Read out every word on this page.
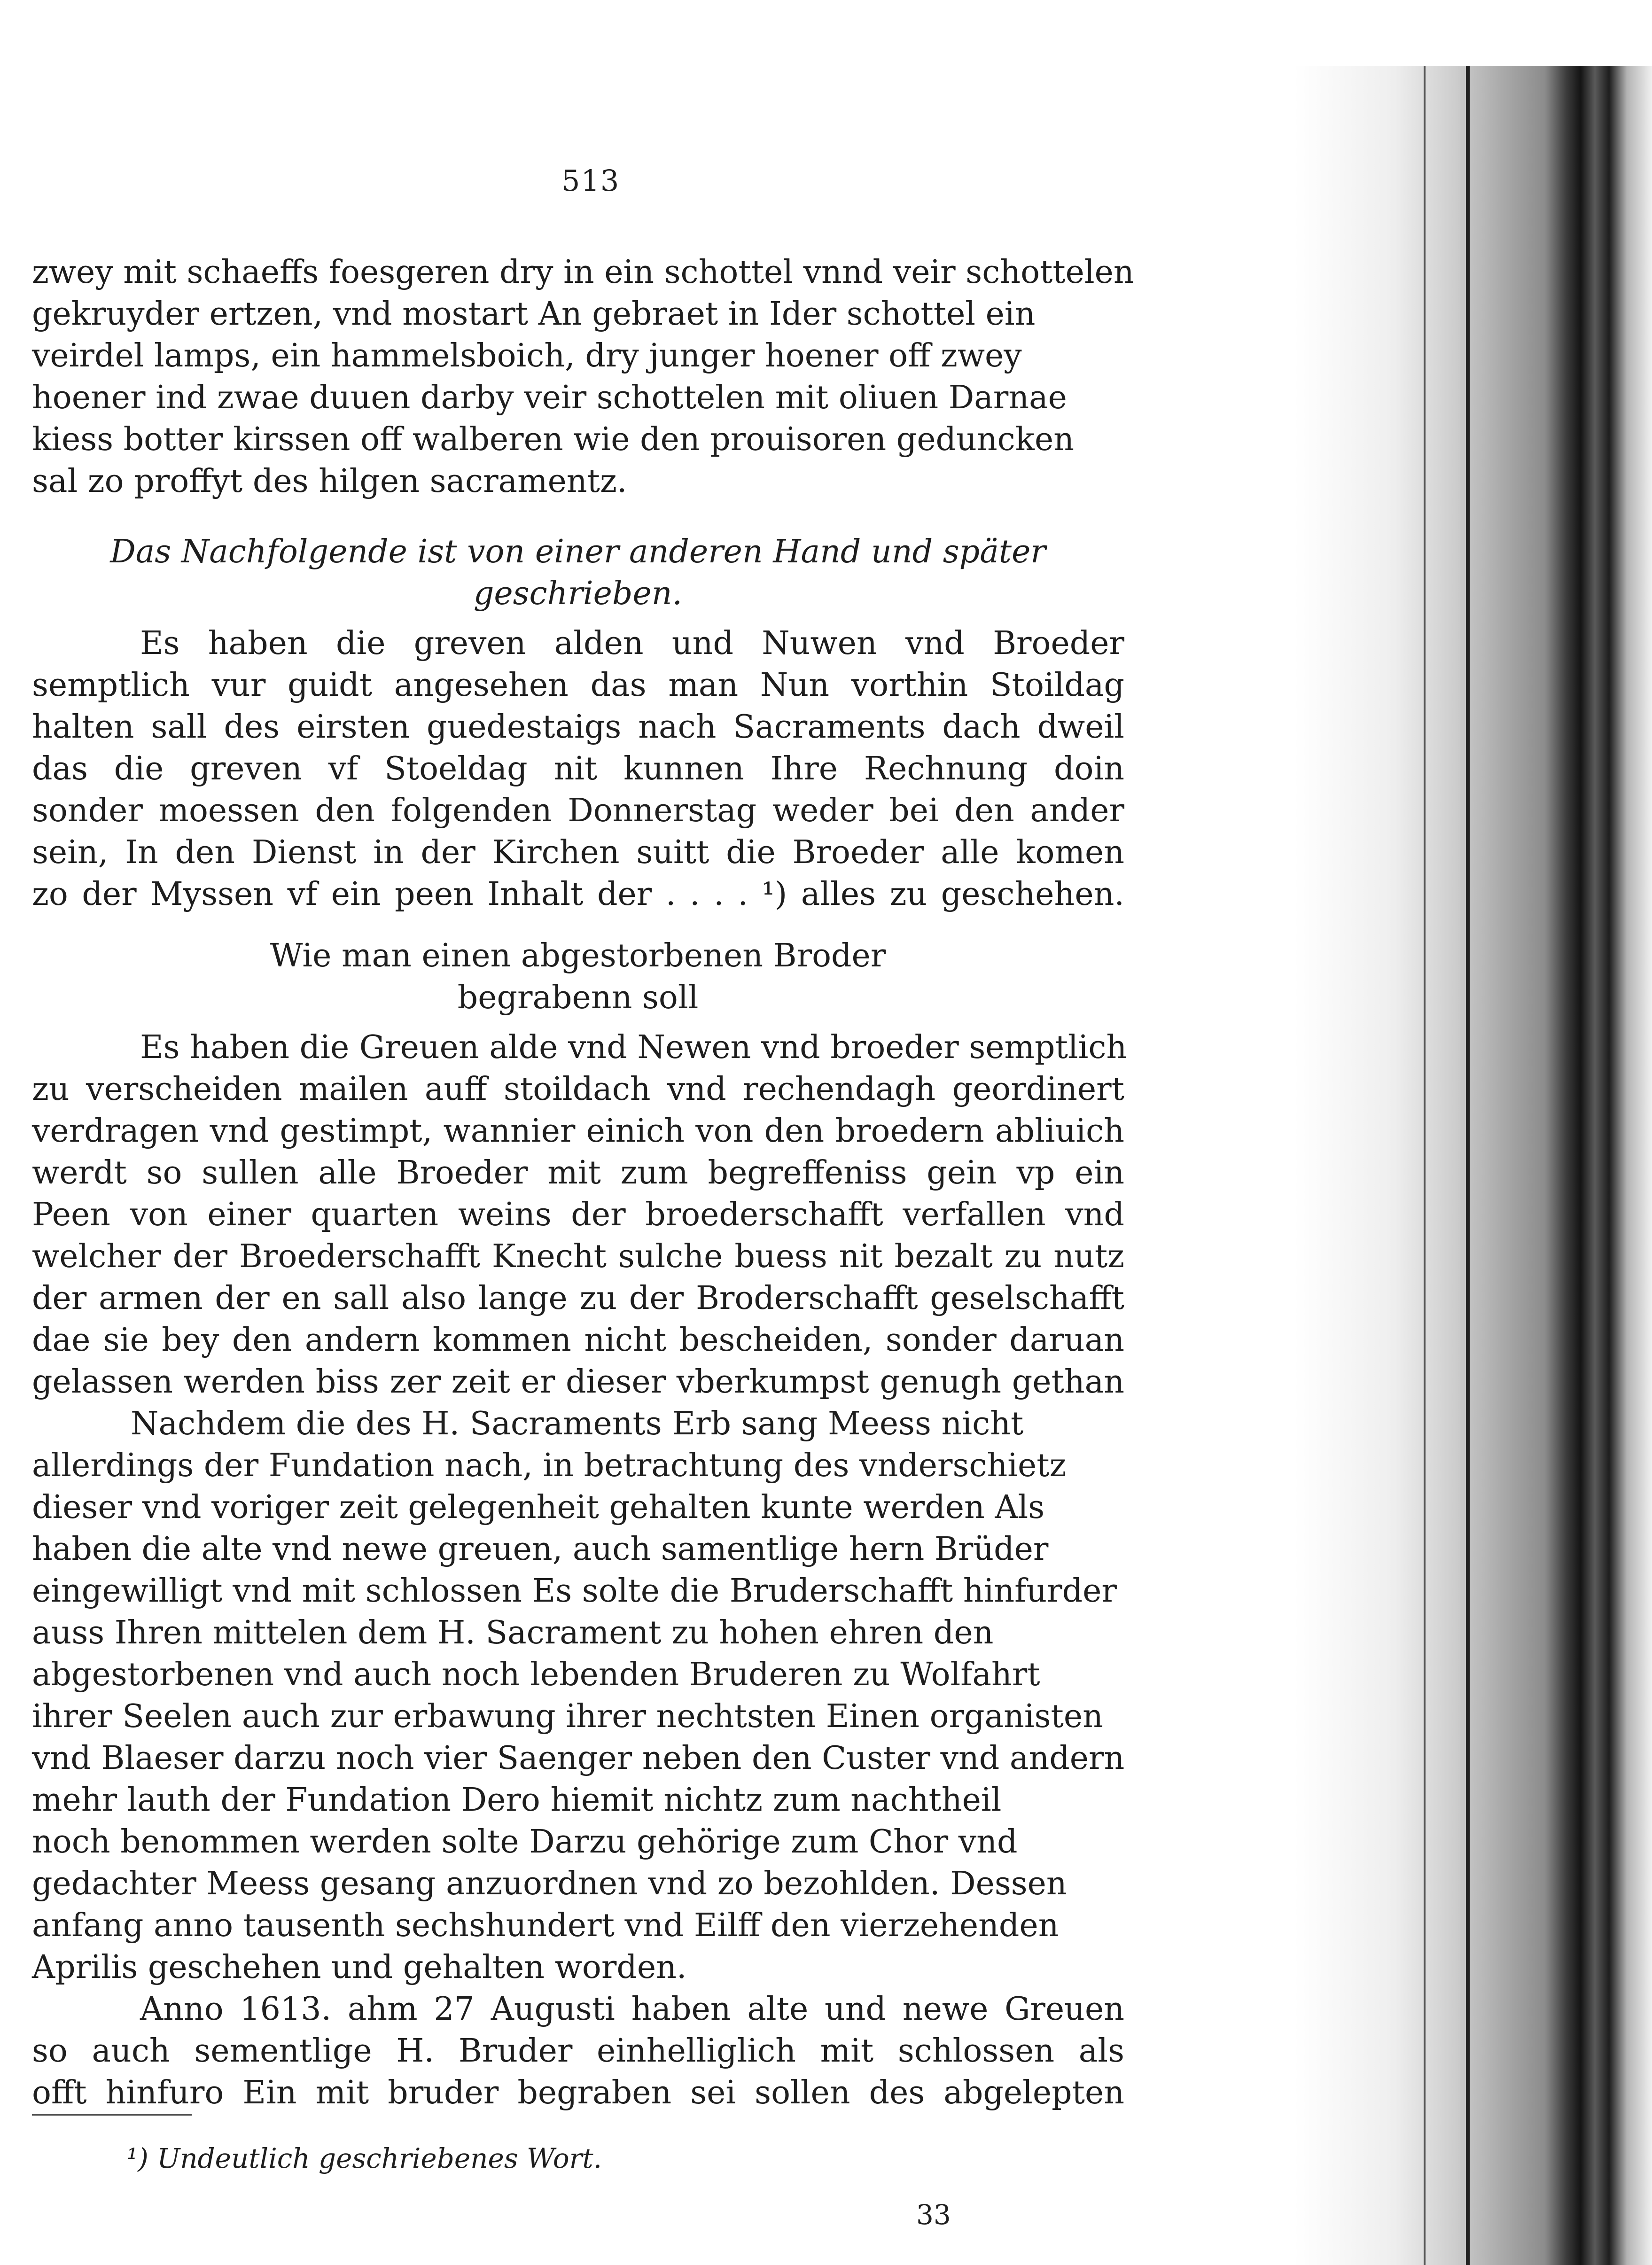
513
zwey mit schaeffs foesgeren dry in ein schottel vnnd veir schottelen
gekruyder ertzen, vnd mostart An gebraet in Ider schottel ein
veirdel lamps, ein hammelsboich, dry junger hoener off zwey
hoener ind zwae duuen darby veir schottelen mit oliuen Darnae
kiess botter kirssen off walberen wie den prouisoren geduncken
sal zo proffyt des hilgen sacramentz.
Das Nachfolgende ist von einer anderen Hand und später
geschrieben.
Es haben die greven alden und Nuwen vnd Broeder
semptlich vur guidt angesehen das man Nun vorthin Stoildag
halten sall des eirsten guedestaigs nach Sacraments dach dweil
das die greven vf Stoeldag nit kunnen Ihre Rechnung doin
sonder moessen den folgenden Donnerstag weder bei den ander
sein, In den Dienst in der Kirchen suitt die Broeder alle komen
zo der Myssen vf ein peen Inhalt der . . . . ¹) alles zu geschehen.
Wie man einen abgestorbenen Broder
begrabenn soll
Es haben die Greuen alde vnd Newen vnd broeder semptlich
zu verscheiden mailen auff stoildach vnd rechendagh geordinert
verdragen vnd gestimpt, wannier einich von den broedern abliuich
werdt so sullen alle Broeder mit zum begreffeniss gein vp ein
Peen von einer quarten weins der broederschafft verfallen vnd
welcher der Broederschafft Knecht sulche buess nit bezalt zu nutz
der armen der en sall also lange zu der Broderschafft geselschafft
dae sie bey den andern kommen nicht bescheiden, sonder daruan
gelassen werden biss zer zeit er dieser vberkumpst genugh gethan
Nachdem die des H. Sacraments Erb sang Meess nicht
allerdings der Fundation nach, in betrachtung des vnderschietz
dieser vnd voriger zeit gelegenheit gehalten kunte werden Als
haben die alte vnd newe greuen, auch samentlige hern Brüder
eingewilligt vnd mit schlossen Es solte die Bruderschafft hinfurder
auss Ihren mittelen dem H. Sacrament zu hohen ehren den
abgestorbenen vnd auch noch lebenden Bruderen zu Wolfahrt
ihrer Seelen auch zur erbawung ihrer nechtsten Einen organisten
vnd Blaeser darzu noch vier Saenger neben den Custer vnd andern
mehr lauth der Fundation Dero hiemit nichtz zum nachtheil
noch benommen werden solte Darzu gehörige zum Chor vnd
gedachter Meess gesang anzuordnen vnd zo bezohlden. Dessen
anfang anno tausenth sechshundert vnd Eilff den vierzehenden
Aprilis geschehen und gehalten worden.
Anno 1613. ahm 27 Augusti haben alte und newe Greuen
so auch sementlige H. Bruder einhelliglich mit schlossen als
offt hinfuro Ein mit bruder begraben sei sollen des abgelepten
¹) Undeutlich geschriebenes Wort.
33
